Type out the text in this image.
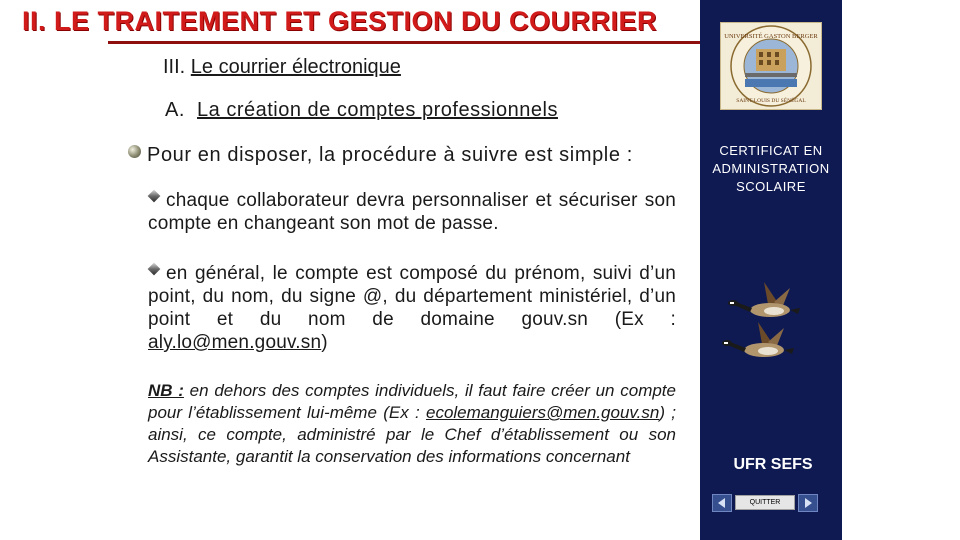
II. LE TRAITEMENT ET GESTION DU COURRIER
III. Le courrier électronique
A. La création de comptes professionnels
Pour en disposer, la procédure à suivre est simple :
chaque collaborateur devra personnaliser et sécuriser son compte en changeant son mot de passe.
en général, le compte est composé du prénom, suivi d’un point, du nom, du signe @, du département ministériel, d’un point et du nom de domaine gouv.sn (Ex : aly.lo@men.gouv.sn)
NB : en dehors des comptes individuels, il faut faire créer un compte pour l’établissement lui-même (Ex : ecolemanguiers@men.gouv.sn) ; ainsi, ce compte, administré par le Chef d’établissement ou son Assistante, garantit la conservation des informations concernant
UNIVERSITÉ GASTON BERGER
SAINT-LOUIS DU SÉNÉGAL
CERTIFICAT EN ADMINISTRATION SCOLAIRE
UFR SEFS
QUITTER
